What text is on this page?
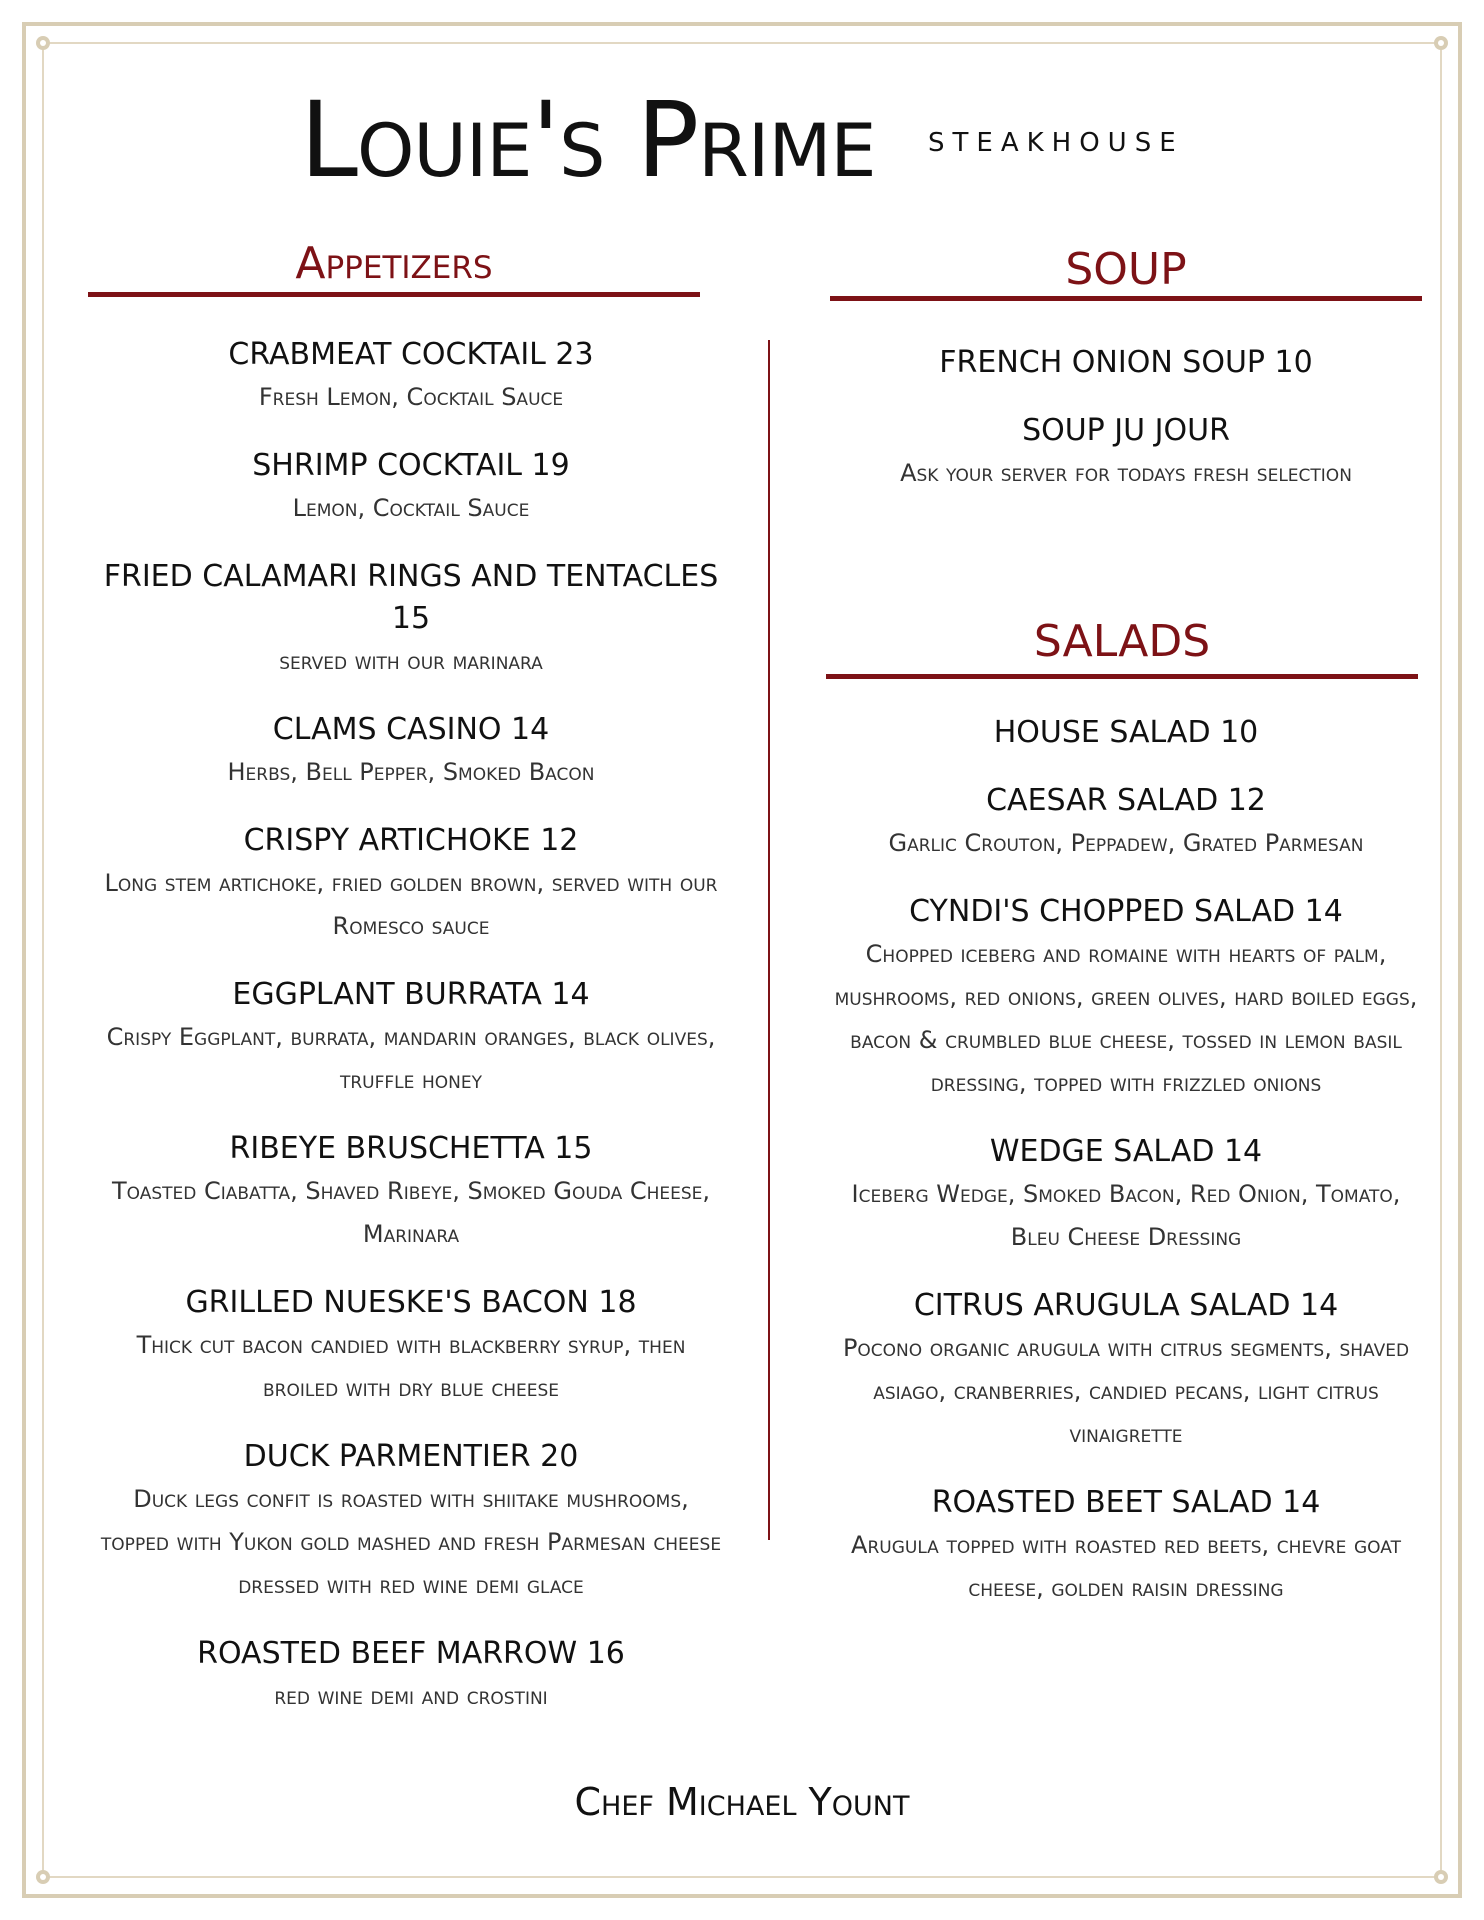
Louie's Prime STEAKHOUSE
Appetizers
CRABMEAT COCKTAIL 23
Fresh Lemon, Cocktail Sauce
SHRIMP COCKTAIL 19
Lemon, Cocktail Sauce
FRIED CALAMARI RINGS AND TENTACLES 15
served with our marinara
CLAMS CASINO 14
Herbs, Bell Pepper, Smoked Bacon
CRISPY ARTICHOKE 12
Long stem artichoke, fried golden brown, served with our Romesco sauce
EGGPLANT BURRATA 14
Crispy Eggplant, burrata, mandarin oranges, black olives, truffle honey
RIBEYE BRUSCHETTA 15
Toasted Ciabatta, Shaved Ribeye, Smoked Gouda Cheese, Marinara
GRILLED NUESKE'S BACON 18
Thick cut bacon candied with blackberry syrup, then broiled with dry blue cheese
DUCK PARMENTIER 20
Duck legs confit is roasted with shiitake mushrooms, topped with Yukon gold mashed and fresh Parmesan cheese dressed with red wine demi glace
ROASTED BEEF MARROW 16
red wine demi and crostini
SOUP
FRENCH ONION SOUP 10
SOUP JU JOUR
Ask your server for todays fresh selection
SALADS
HOUSE SALAD 10
CAESAR SALAD 12
Garlic Crouton, Peppadew, Grated Parmesan
CYNDI'S CHOPPED SALAD 14
Chopped iceberg and romaine with hearts of palm, mushrooms, red onions, green olives, hard boiled eggs, bacon & crumbled blue cheese, tossed in lemon basil dressing, topped with frizzled onions
WEDGE SALAD 14
Iceberg Wedge, Smoked Bacon, Red Onion, Tomato, Bleu Cheese Dressing
CITRUS ARUGULA SALAD 14
Pocono organic arugula with citrus segments, shaved asiago, cranberries, candied pecans, light citrus vinaigrette
ROASTED BEET SALAD 14
Arugula topped with roasted red beets, chevre goat cheese, golden raisin dressing
Chef Michael Yount
